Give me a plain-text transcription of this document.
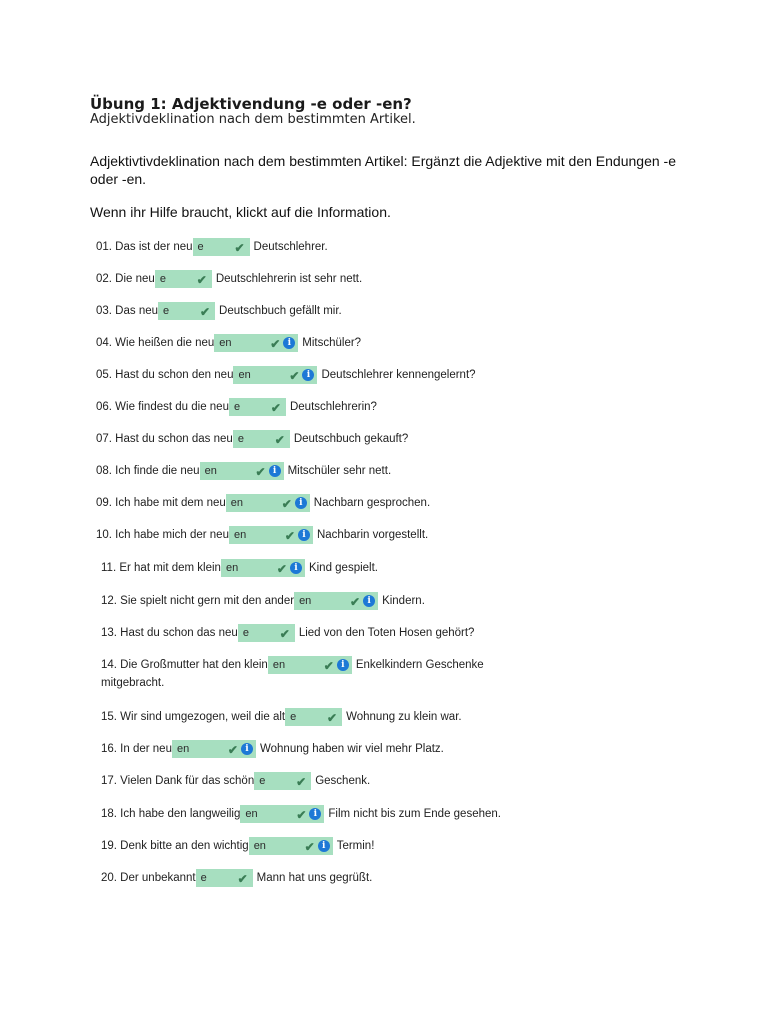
Übung 1: Adjektivendung -e oder -en?

Adjektivdeklination nach dem bestimmten Artikel.

Adjektivtivdeklination nach dem bestimmten Artikel: Ergänzt die Adjektive mit den Endungen -e oder -en.

Wenn ihr Hilfe braucht, klickt auf die Information.

01. Das ist der neu e	✔ Deutschlehrer.
02. Die neu e	✔ Deutschlehrerin ist sehr nett.
03. Das neu e	✔ Deutschbuch gefällt mir.
04. Wie heißen die neu en	✔ i Mitschüler?
05. Hast du schon den neu en	✔ i Deutschlehrer kennengelernt?
06. Wie findest du die neu e	✔ Deutschlehrerin?
07. Hast du schon das neu e	✔ Deutschbuch gekauft?
08. Ich finde die neu en	✔ i Mitschüler sehr nett.
09. Ich habe mit dem neu en	✔ i Nachbarn gesprochen.
10. Ich habe mich der neu en	✔ i Nachbarin vorgestellt.
11. Er hat mit dem klein en	✔ i Kind gespielt.
12. Sie spielt nicht gern mit den ander en	✔ i Kindern.
13. Hast du schon das neu e	✔ Lied von den Toten Hosen gehört?
14. Die Großmutter hat den klein en	✔ i Enkelkindern Geschenke
mitgebracht.
15. Wir sind umgezogen, weil die alt e	✔ Wohnung zu klein war.
16. In der neu en	✔ i Wohnung haben wir viel mehr Platz.
17. Vielen Dank für das schön e	✔ Geschenk.
18. Ich habe den langweilig en	✔ i Film nicht bis zum Ende gesehen.
19. Denk bitte an den wichtig en	✔ i Termin!
20. Der unbekannt e	✔ Mann hat uns gegrüßt.
